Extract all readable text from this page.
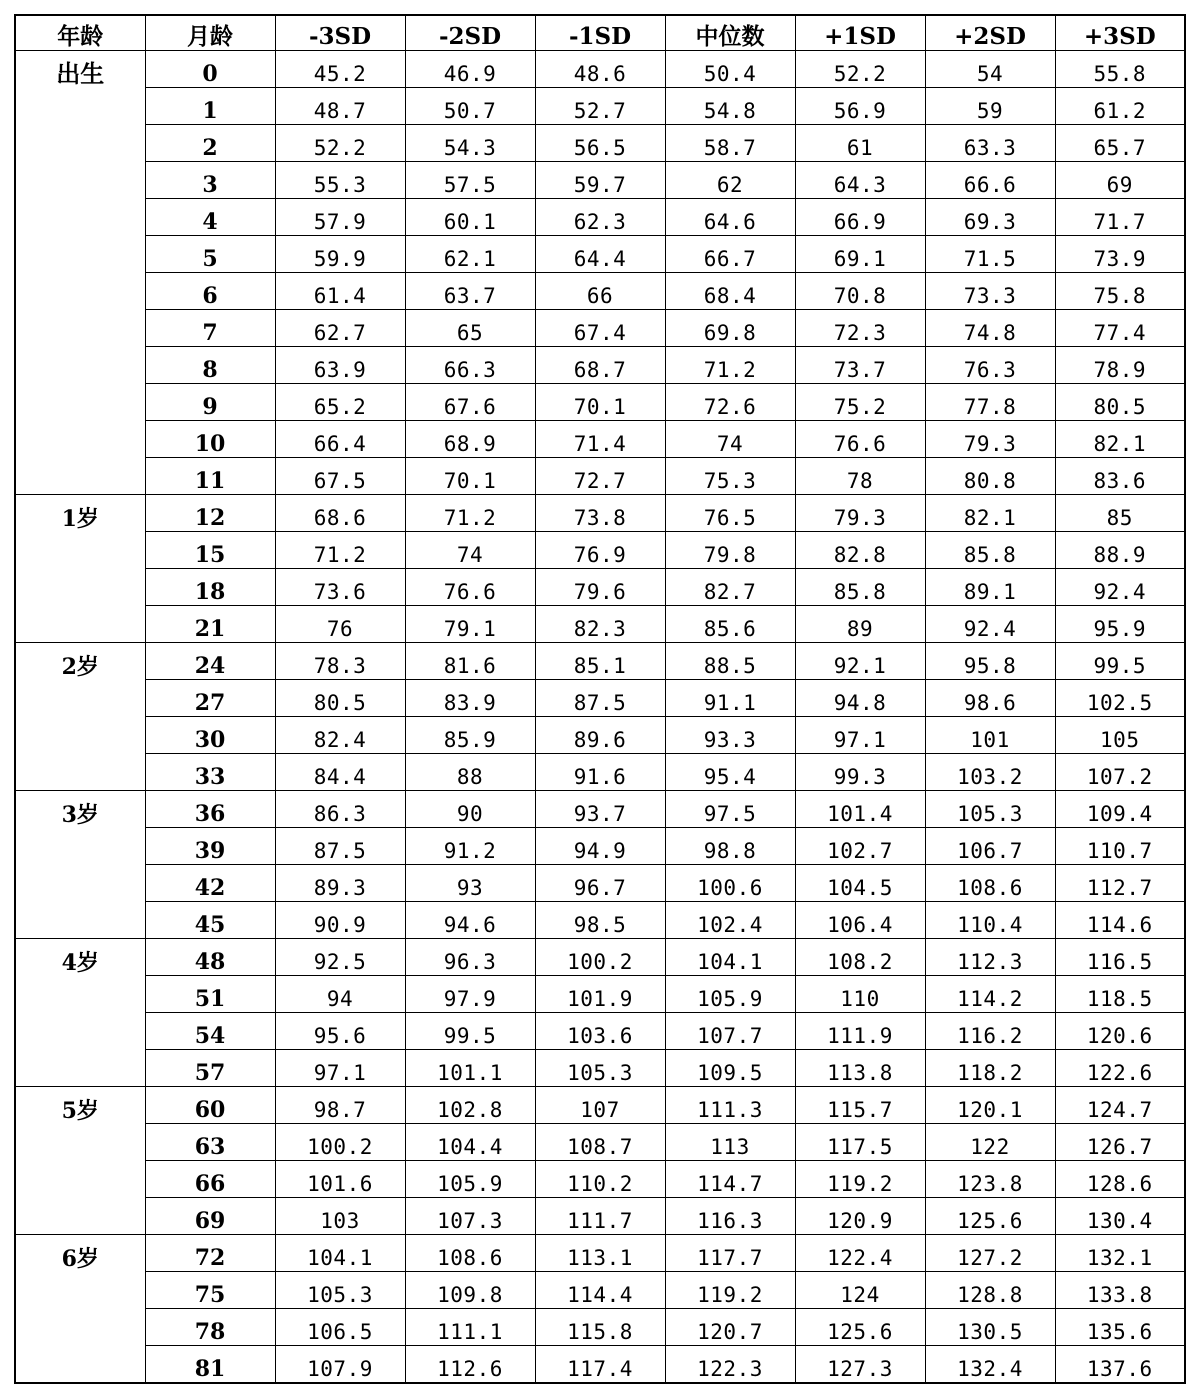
年龄	月龄	-3SD	-2SD	-1SD	中位数	+1SD	+2SD	+3SD
出生	0	45.2	46.9	48.6	50.4	52.2	54	55.8
	1	48.7	50.7	52.7	54.8	56.9	59	61.2
	2	52.2	54.3	56.5	58.7	61	63.3	65.7
	3	55.3	57.5	59.7	62	64.3	66.6	69
	4	57.9	60.1	62.3	64.6	66.9	69.3	71.7
	5	59.9	62.1	64.4	66.7	69.1	71.5	73.9
	6	61.4	63.7	66	68.4	70.8	73.3	75.8
	7	62.7	65	67.4	69.8	72.3	74.8	77.4
	8	63.9	66.3	68.7	71.2	73.7	76.3	78.9
	9	65.2	67.6	70.1	72.6	75.2	77.8	80.5
	10	66.4	68.9	71.4	74	76.6	79.3	82.1
	11	67.5	70.1	72.7	75.3	78	80.8	83.6
1岁	12	68.6	71.2	73.8	76.5	79.3	82.1	85
	15	71.2	74	76.9	79.8	82.8	85.8	88.9
	18	73.6	76.6	79.6	82.7	85.8	89.1	92.4
	21	76	79.1	82.3	85.6	89	92.4	95.9
2岁	24	78.3	81.6	85.1	88.5	92.1	95.8	99.5
	27	80.5	83.9	87.5	91.1	94.8	98.6	102.5
	30	82.4	85.9	89.6	93.3	97.1	101	105
	33	84.4	88	91.6	95.4	99.3	103.2	107.2
3岁	36	86.3	90	93.7	97.5	101.4	105.3	109.4
	39	87.5	91.2	94.9	98.8	102.7	106.7	110.7
	42	89.3	93	96.7	100.6	104.5	108.6	112.7
	45	90.9	94.6	98.5	102.4	106.4	110.4	114.6
4岁	48	92.5	96.3	100.2	104.1	108.2	112.3	116.5
	51	94	97.9	101.9	105.9	110	114.2	118.5
	54	95.6	99.5	103.6	107.7	111.9	116.2	120.6
	57	97.1	101.1	105.3	109.5	113.8	118.2	122.6
5岁	60	98.7	102.8	107	111.3	115.7	120.1	124.7
	63	100.2	104.4	108.7	113	117.5	122	126.7
	66	101.6	105.9	110.2	114.7	119.2	123.8	128.6
	69	103	107.3	111.7	116.3	120.9	125.6	130.4
6岁	72	104.1	108.6	113.1	117.7	122.4	127.2	132.1
	75	105.3	109.8	114.4	119.2	124	128.8	133.8
	78	106.5	111.1	115.8	120.7	125.6	130.5	135.6
	81	107.9	112.6	117.4	122.3	127.3	132.4	137.6
